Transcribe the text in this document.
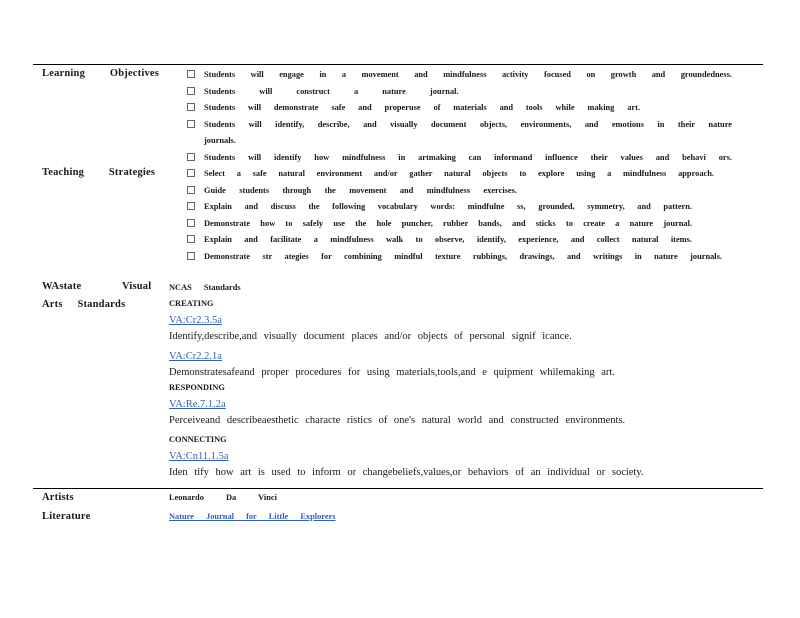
Learning Objectives	Students will engage in a movement and mindfulness activity focused on growth and groundedness.
Students will construct a nature journal.
Students will demonstrate safe and properuse of materials and tools while making art.
Students will identify, describe, and visually document objects, environments, and emotions in their nature
journals.
Students will identify how mindfulness in artmaking can informand influence their values and behavi ors.
Select a safe natural environment and/or gather natural objects to explore using a mindfulness approach.
Guide students through the movement and mindfulness exercises.
Explain and discuss the following vocabulary words: mindfulne ss, grounded, symmetry, and pattern.
Demonstrate how to safely use the hole puncher, rubber bands, and sticks to create a nature journal.
Explain and facilitate a mindfulness walk to observe, identify, experience, and collect natural items.
Demonstrate str ategies for combining mindful texture rubbings, drawings, and writings in nature journals.
Teaching Strategies
WAstate Visual
Arts Standards
NCAS Standards
CREATING
VA:Cr2.3.5a
Identify,describe,and visually document places and/or objects of personal signif icance.
VA:Cr2.2.1a
Demonstratesafeand proper procedures for using materials,tools,and e quipment whilemaking art.
RESPONDING
VA:Re.7.1.2a
Perceiveand describeaesthetic characte ristics of one's natural world and constructed environments.
CONNECTING
VA:Cn11.1.5a
Iden tify how art is used to inform or changebeliefs,values,or behaviors of an individual or society.
Artists
Literature
Leonardo Da Vinci
Nature Journal for Little Explorers
